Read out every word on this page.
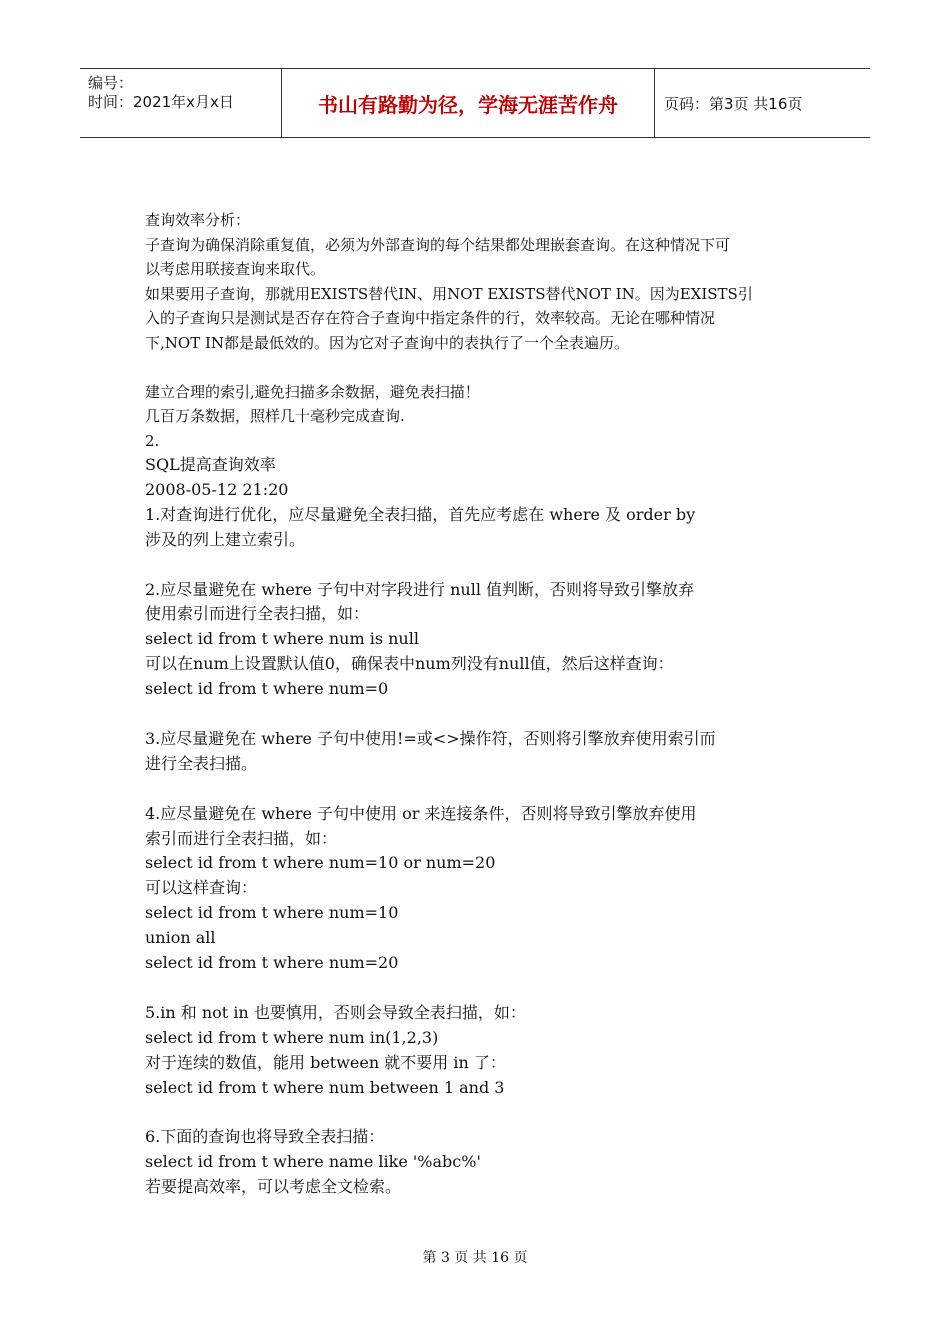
编号：
时间：2021年x月x日	书山有路勤为径，学海无涯苦作舟	页码：第3页 共16页

查询效率分析：

子查询为确保消除重复值，必须为外部查询的每个结果都处理嵌套查询。在这种情况下可

以考虑用联接查询来取代。

如果要用子查询，那就用EXISTS替代IN、用NOT EXISTS替代NOT IN。因为EXISTS引

入的子查询只是测试是否存在符合子查询中指定条件的行，效率较高。无论在哪种情况

下,NOT IN都是最低效的。因为它对子查询中的表执行了一个全表遍历。

建立合理的索引,避免扫描多余数据，避免表扫描！

几百万条数据，照样几十毫秒完成查询.

2.

SQL提高查询效率

2008-05-12 21:20

1.对查询进行优化，应尽量避免全表扫描，首先应考虑在 where 及 order by

涉及的列上建立索引。

2.应尽量避免在 where 子句中对字段进行 null 值判断，否则将导致引擎放弃

使用索引而进行全表扫描，如：

select id from t where num is null

可以在num上设置默认值0，确保表中num列没有null值，然后这样查询：

select id from t where num=0

3.应尽量避免在 where 子句中使用!=或<>操作符，否则将引擎放弃使用索引而

进行全表扫描。

4.应尽量避免在 where 子句中使用 or 来连接条件，否则将导致引擎放弃使用

索引而进行全表扫描，如：

select id from t where num=10 or num=20

可以这样查询：

select id from t where num=10

union all

select id from t where num=20

5.in 和 not in 也要慎用，否则会导致全表扫描，如：

select id from t where num in(1,2,3)

对于连续的数值，能用 between 就不要用 in 了：

select id from t where num between 1 and 3

6.下面的查询也将导致全表扫描：

select id from t where name like '%abc%'

若要提高效率，可以考虑全文检索。

第 3 页 共 16 页
